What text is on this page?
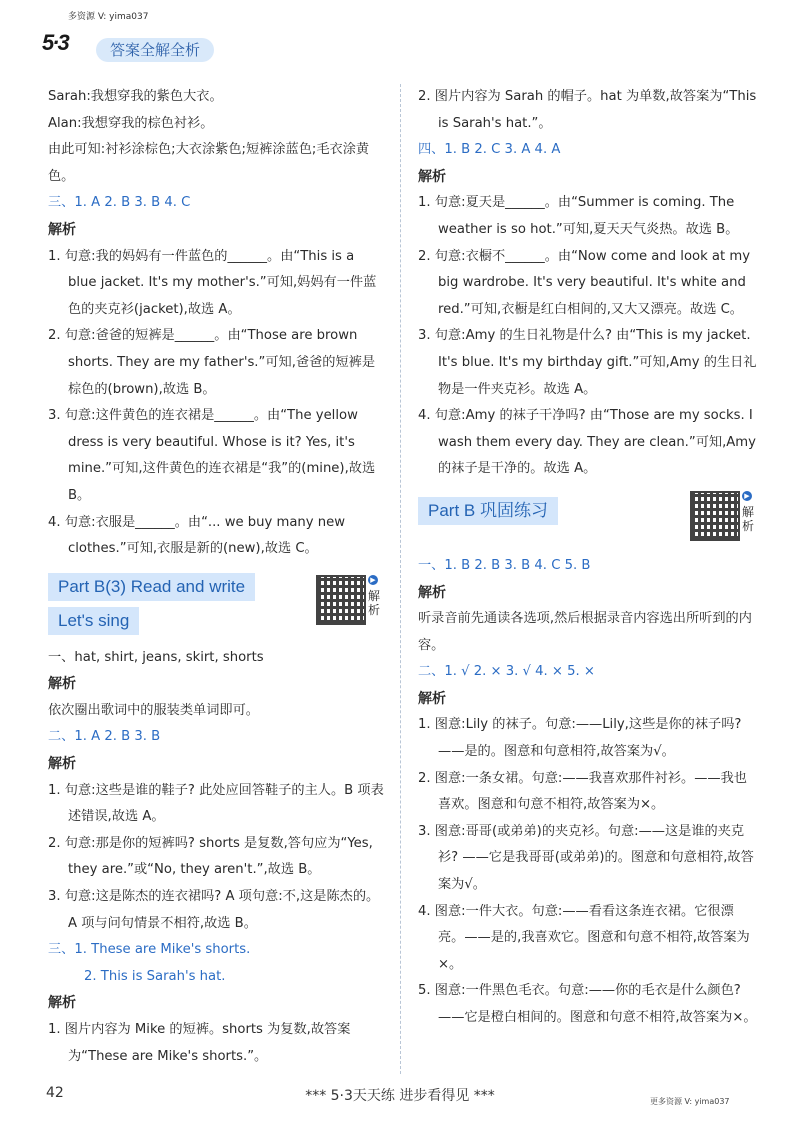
多资源 V: yima037
5·3	答案全解全析

Sarah:我想穿我的紫色大衣。

Alan:我想穿我的棕色衬衫。

由此可知:衬衫涂棕色;大衣涂紫色;短裤涂蓝色;毛衣涂黄色。

三、1. A 2. B 3. B 4. C

解析

1. 句意:我的妈妈有一件蓝色的______。由“This is a blue jacket. It's my mother's.”可知,妈妈有一件蓝色的夹克衫(jacket),故选 A。

2. 句意:爸爸的短裤是______。由“Those are brown shorts. They are my father's.”可知,爸爸的短裤是棕色的(brown),故选 B。

3. 句意:这件黄色的连衣裙是______。由“The yellow dress is very beautiful. Whose is it? Yes, it's mine.”可知,这件黄色的连衣裙是“我”的(mine),故选 B。

4. 句意:衣服是______。由“... we buy many new clothes.”可知,衣服是新的(new),故选 C。

Part B(3) Read and write
Let's sing
▶
解析

一、hat, shirt, jeans, skirt, shorts

解析

依次圈出歌词中的服装类单词即可。

二、1. A 2. B 3. B

解析

1. 句意:这些是谁的鞋子? 此处应回答鞋子的主人。B 项表述错误,故选 A。

2. 句意:那是你的短裤吗? shorts 是复数,答句应为“Yes, they are.”或“No, they aren't.”,故选 B。

3. 句意:这是陈杰的连衣裙吗? A 项句意:不,这是陈杰的。A 项与问句情景不相符,故选 B。

三、1. These are Mike's shorts.

2. This is Sarah's hat.

解析

1. 图片内容为 Mike 的短裤。shorts 为复数,故答案为“These are Mike's shorts.”。

2. 图片内容为 Sarah 的帽子。hat 为单数,故答案为“This is Sarah's hat.”。

四、1. B 2. C 3. A 4. A

解析

1. 句意:夏天是______。由“Summer is coming. The weather is so hot.”可知,夏天天气炎热。故选 B。

2. 句意:衣橱不______。由“Now come and look at my big wardrobe. It's very beautiful. It's white and red.”可知,衣橱是红白相间的,又大又漂亮。故选 C。

3. 句意:Amy 的生日礼物是什么? 由“This is my jacket. It's blue. It's my birthday gift.”可知,Amy 的生日礼物是一件夹克衫。故选 A。

4. 句意:Amy 的袜子干净吗? 由“Those are my socks. I wash them every day. They are clean.”可知,Amy 的袜子是干净的。故选 A。

Part B 巩固练习
▶
解析

一、1. B 2. B 3. B 4. C 5. B

解析

听录音前先通读各选项,然后根据录音内容选出所听到的内容。

二、1. √ 2. × 3. √ 4. × 5. ×

解析

1. 图意:Lily 的袜子。句意:——Lily,这些是你的袜子吗? ——是的。图意和句意相符,故答案为√。

2. 图意:一条女裙。句意:——我喜欢那件衬衫。——我也喜欢。图意和句意不相符,故答案为×。

3. 图意:哥哥(或弟弟)的夹克衫。句意:——这是谁的夹克衫? ——它是我哥哥(或弟弟)的。图意和句意相符,故答案为√。

4. 图意:一件大衣。句意:——看看这条连衣裙。它很漂亮。——是的,我喜欢它。图意和句意不相符,故答案为×。

5. 图意:一件黑色毛衣。句意:——你的毛衣是什么颜色? ——它是橙白相间的。图意和句意不相符,故答案为×。

42	*** 5·3天天练 进步看得见 ***	更多资源 V: yima037
